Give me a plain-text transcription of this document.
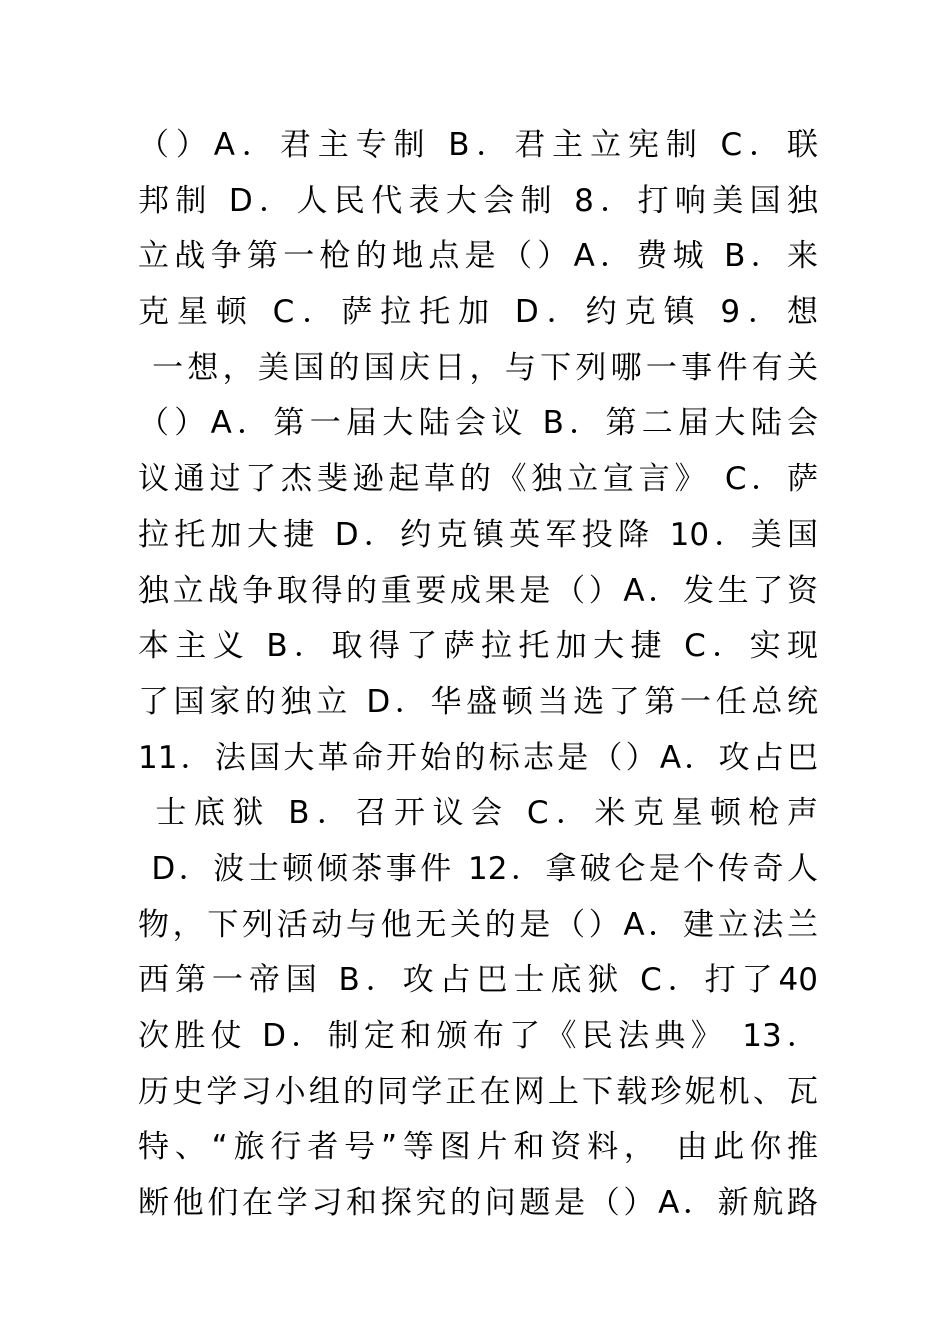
（）A．君主专制 B．君主立宪制 C．联
邦制 D．人民代表大会制 8．打响美国独
立战争第一枪的地点是（）A．费城 B．来
克星顿 C．萨拉托加 D．约克镇 9．想
一想，美国的国庆日，与下列哪一事件有关
（）A．第一届大陆会议 B．第二届大陆会
议通过了杰斐逊起草的《独立宣言》 C．萨
拉托加大捷 D．约克镇英军投降 10．美国
独立战争取得的重要成果是（）A．发生了资
本主义 B．取得了萨拉托加大捷 C．实现
了国家的独立 D．华盛顿当选了第一任总统
11．法国大革命开始的标志是（）A．攻占巴
士底狱 B．召开议会 C．米克星顿枪声
D．波士顿倾茶事件 12．拿破仑是个传奇人
物，下列活动与他无关的是（）A．建立法兰
西第一帝国 B．攻占巴士底狱 C．打了40
次胜仗 D．制定和颁布了《民法典》 13．
历史学习小组的同学正在网上下载珍妮机、瓦
特、“旅行者号”等图片和资料， 由此你推
断他们在学习和探究的问题是（）A．新航路
